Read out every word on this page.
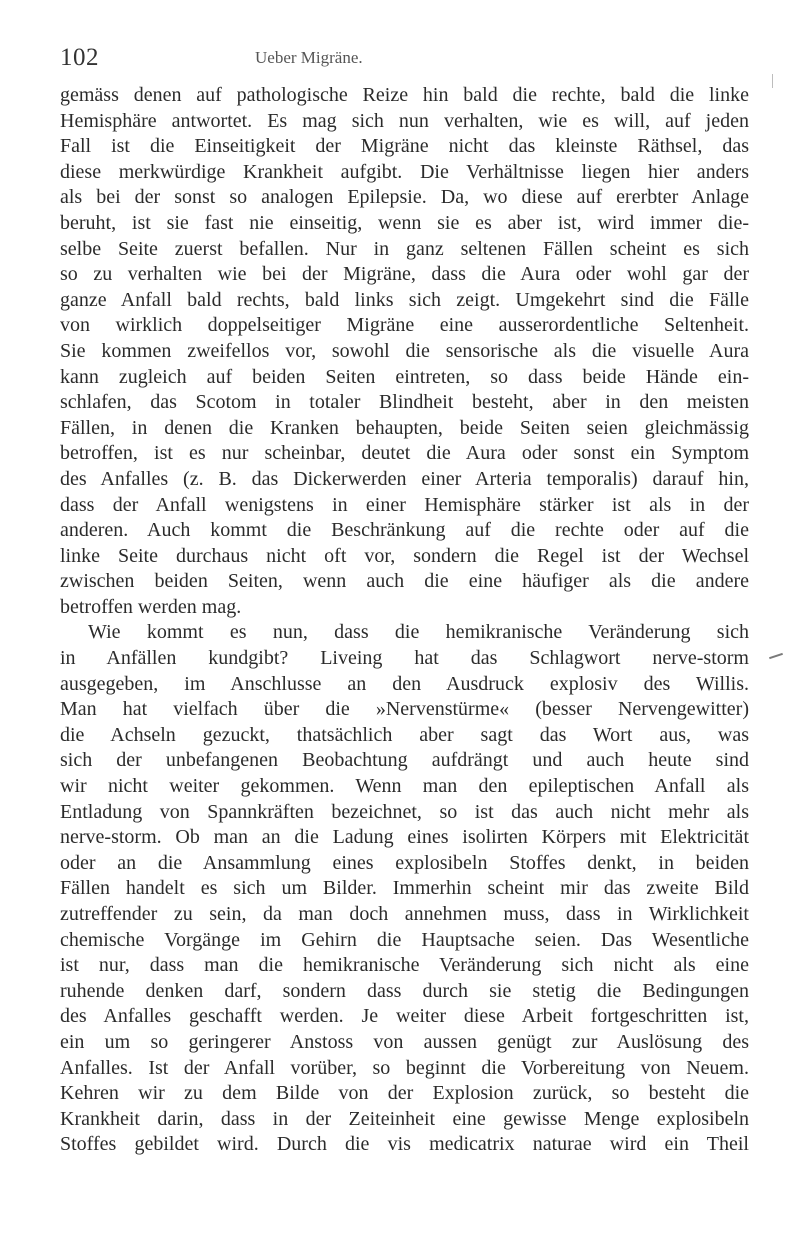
102	Ueber Migräne.
gemäss denen auf pathologische Reize hin bald die rechte, bald die linke
Hemisphäre antwortet. Es mag sich nun verhalten, wie es will, auf jeden
Fall ist die Einseitigkeit der Migräne nicht das kleinste Räthsel, das
diese merkwürdige Krankheit aufgibt. Die Verhältnisse liegen hier anders
als bei der sonst so analogen Epilepsie. Da, wo diese auf ererbter Anlage
beruht, ist sie fast nie einseitig, wenn sie es aber ist, wird immer die-
selbe Seite zuerst befallen. Nur in ganz seltenen Fällen scheint es sich
so zu verhalten wie bei der Migräne, dass die Aura oder wohl gar der
ganze Anfall bald rechts, bald links sich zeigt. Umgekehrt sind die Fälle
von wirklich doppelseitiger Migräne eine ausserordentliche Seltenheit.
Sie kommen zweifellos vor, sowohl die sensorische als die visuelle Aura
kann zugleich auf beiden Seiten eintreten, so dass beide Hände ein-
schlafen, das Scotom in totaler Blindheit besteht, aber in den meisten
Fällen, in denen die Kranken behaupten, beide Seiten seien gleichmässig
betroffen, ist es nur scheinbar, deutet die Aura oder sonst ein Symptom
des Anfalles (z. B. das Dickerwerden einer Arteria temporalis) darauf hin,
dass der Anfall wenigstens in einer Hemisphäre stärker ist als in der
anderen. Auch kommt die Beschränkung auf die rechte oder auf die
linke Seite durchaus nicht oft vor, sondern die Regel ist der Wechsel
zwischen beiden Seiten, wenn auch die eine häufiger als die andere
betroffen werden mag.
Wie kommt es nun, dass die hemikranische Veränderung sich
in Anfällen kundgibt? Liveing hat das Schlagwort nerve-storm
ausgegeben, im Anschlusse an den Ausdruck explosiv des Willis.
Man hat vielfach über die »Nervenstürme« (besser Nervengewitter)
die Achseln gezuckt, thatsächlich aber sagt das Wort aus, was
sich der unbefangenen Beobachtung aufdrängt und auch heute sind
wir nicht weiter gekommen. Wenn man den epileptischen Anfall als
Entladung von Spannkräften bezeichnet, so ist das auch nicht mehr als
nerve-storm. Ob man an die Ladung eines isolirten Körpers mit Elektricität
oder an die Ansammlung eines explosibeln Stoffes denkt, in beiden
Fällen handelt es sich um Bilder. Immerhin scheint mir das zweite Bild
zutreffender zu sein, da man doch annehmen muss, dass in Wirklichkeit
chemische Vorgänge im Gehirn die Hauptsache seien. Das Wesentliche
ist nur, dass man die hemikranische Veränderung sich nicht als eine
ruhende denken darf, sondern dass durch sie stetig die Bedingungen
des Anfalles geschafft werden. Je weiter diese Arbeit fortgeschritten ist,
ein um so geringerer Anstoss von aussen genügt zur Auslösung des
Anfalles. Ist der Anfall vorüber, so beginnt die Vorbereitung von Neuem.
Kehren wir zu dem Bilde von der Explosion zurück, so besteht die
Krankheit darin, dass in der Zeiteinheit eine gewisse Menge explosibeln
Stoffes gebildet wird. Durch die vis medicatrix naturae wird ein Theil
